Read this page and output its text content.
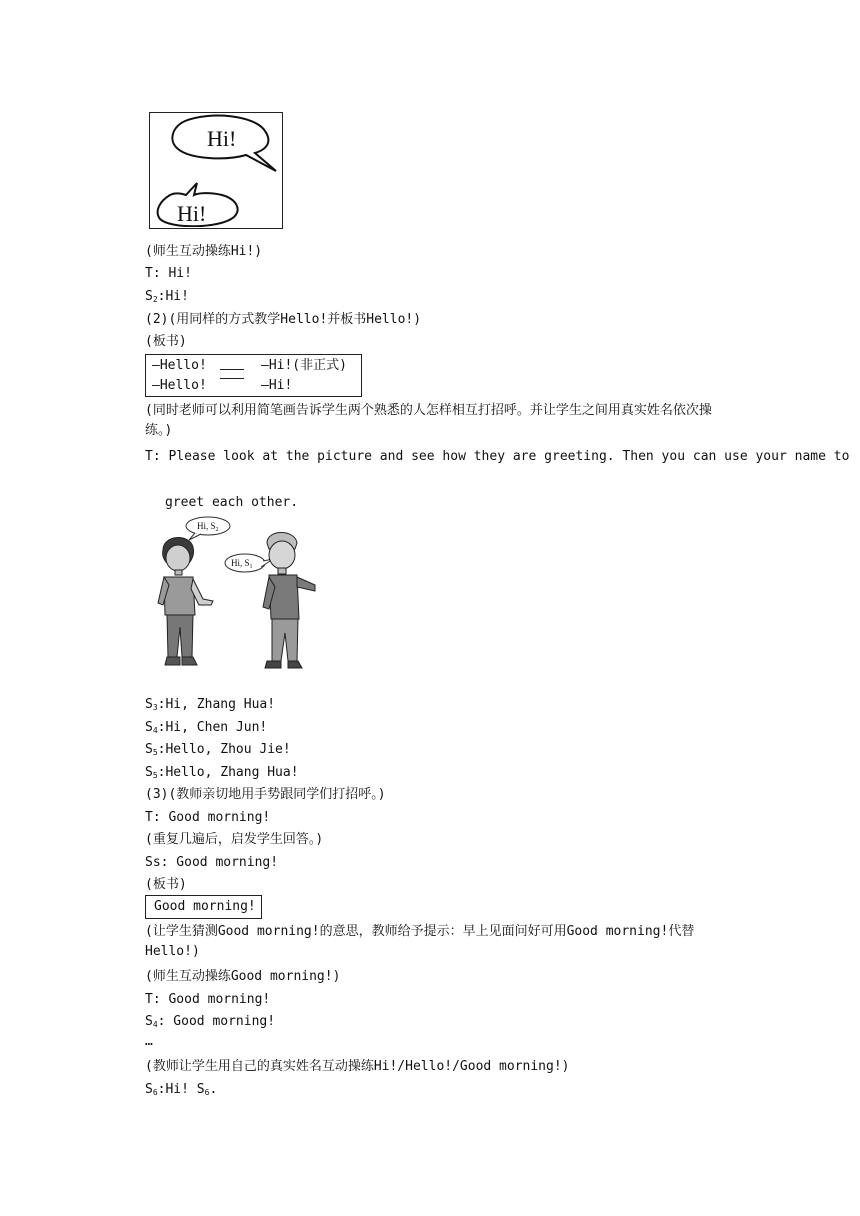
Hi!
Hi!
(师生互动操练Hi!)
T: Hi!
$S_2:Hi$!
(2)(用同样的方式教学Hello!并板书Hello!)
(板书)
—Hello!	—Hi!(非正式)
—Hello!	—Hi!
(同时老师可以利用简笔画告诉学生两个熟悉的人怎样相互打招呼。并让学生之间用真实姓名依次操练。)
T: Please look at the picture and see how they are greeting. Then you can use your name to
greet each other.
Hi, $S_2$
Hi, $S_1$
$S_3:Hi$, Zhang Hua!
$S_4:Hi$, Chen Jun!
$S_5:Hello$, Zhou Jie!
$S_5:Hello$, Zhang Hua!
(3)(教师亲切地用手势跟同学们打招呼。)
T: Good morning!
(重复几遍后，启发学生回答。)
Ss: Good morning!
(板书)
Good morning!
(让学生猜测Good morning!的意思，教师给予提示：早上见面问好可用Good morning!代替Hello!)
(师生互动操练Good morning!)
T: Good morning!
$S_4$: Good morning!
…
(教师让学生用自己的真实姓名互动操练Hi!/Hello!/Good morning!)
$S_6:Hi$! $S_6$.
